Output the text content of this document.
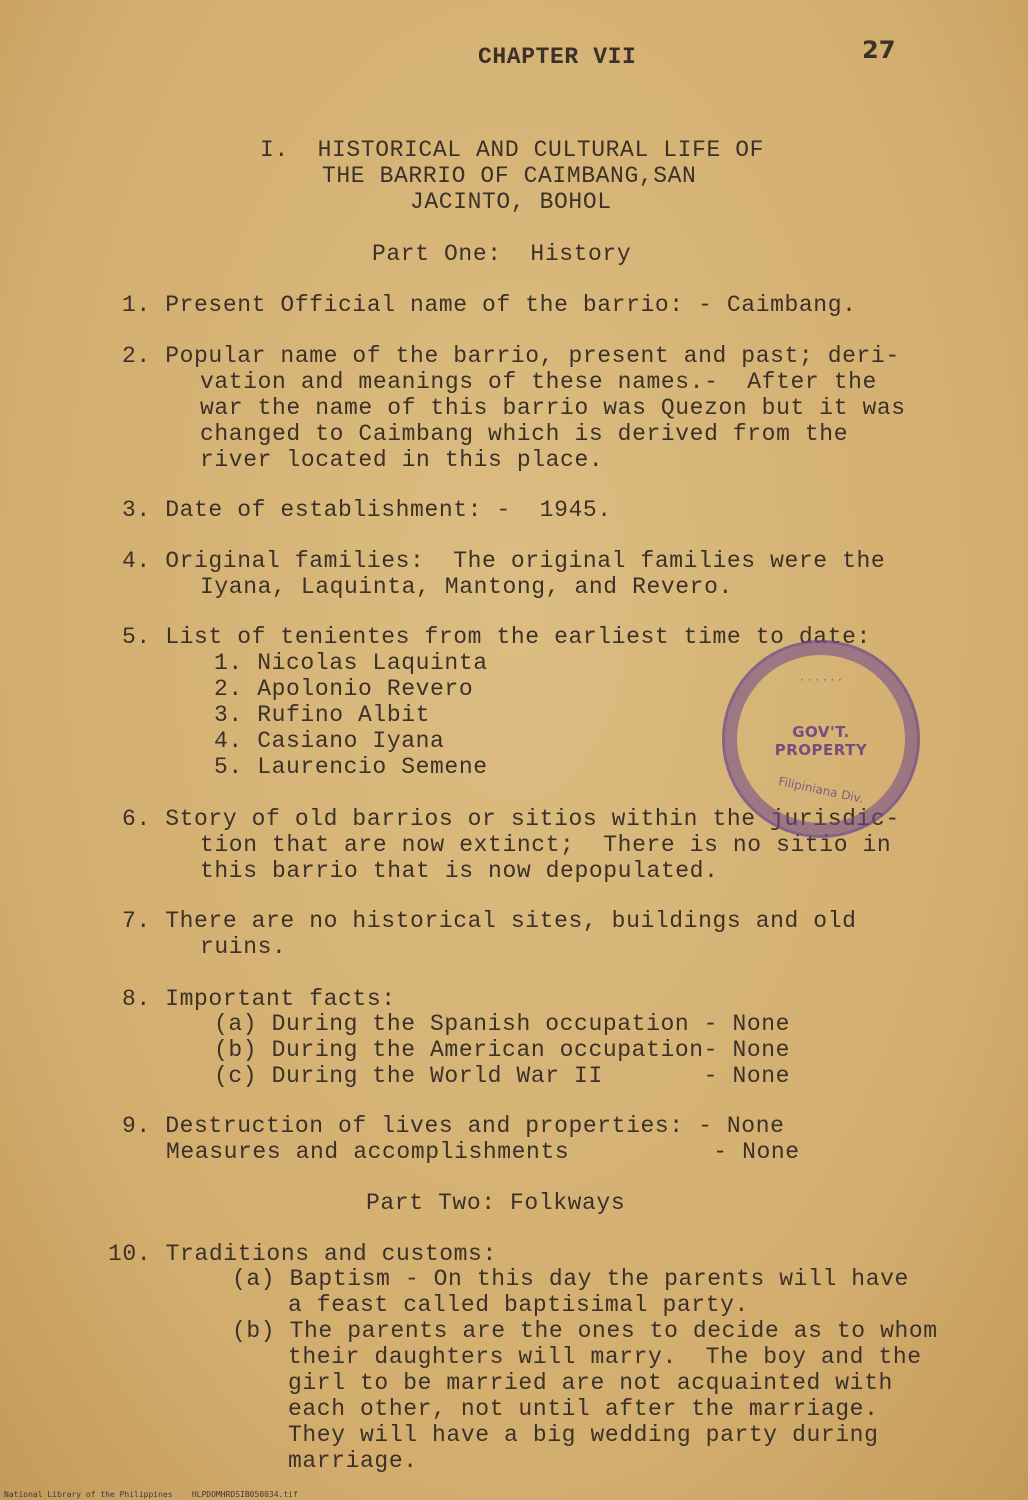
CHAPTER VII	27
I.  HISTORICAL AND CULTURAL LIFE OF
THE BARRIO OF CAIMBANG,SAN
JACINTO, BOHOL
Part One:  History
1. Present Official name of the barrio: - Caimbang.
2. Popular name of the barrio, present and past; deri-
vation and meanings of these names.-  After the
war the name of this barrio was Quezon but it was
changed to Caimbang which is derived from the
river located in this place.
3. Date of establishment: -  1945.
4. Original families:  The original families were the
Iyana, Laquinta, Mantong, and Revero.
5. List of tenientes from the earliest time to date:
1. Nicolas Laquinta
2. Apolonio Revero
3. Rufino Albit
4. Casiano Iyana
5. Laurencio Semene
6. Story of old barrios or sitios within the jurisdic-
tion that are now extinct;  There is no sitio in
this barrio that is now depopulated.
7. There are no historical sites, buildings and old
ruins.
8. Important facts:
(a) During the Spanish occupation - None
(b) During the American occupation- None
(c) During the World War II       - None
9. Destruction of lives and properties: - None
Measures and accomplishments          - None
Part Two: Folkways
10. Traditions and customs:
(a) Baptism - On this day the parents will have
a feast called baptisimal party.
(b) The parents are the ones to decide as to whom
their daughters will marry.  The boy and the
girl to be married are not acquainted with
each other, not until after the marriage.
They will have a big wedding party during
marriage.
· · · · · ·
GOV'T. PROPERTY
Filipiniana Div.
National Library of the Philippines    HLPDOMHRDSIB050034.tif
